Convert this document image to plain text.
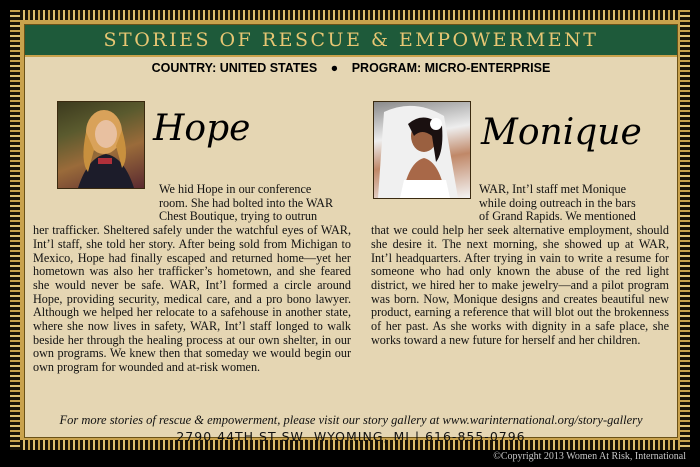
STORIES OF RESCUE & EMPOWERMENT
COUNTRY: UNITED STATES ● PROGRAM: MICRO-ENTERPRISE
Hope	Monique

We hid Hope in our conference
room. She had bolted into the WAR
Chest Boutique, trying to outrun
her trafficker. Sheltered safely under the watchful eyes of WAR, Int’l staff, she told her story. After being sold from Michigan to Mexico, Hope had finally escaped and returned home—yet her hometown was also her trafficker’s hometown, and she feared she would never be safe. WAR, Int’l formed a circle around Hope, providing security, medical care, and a pro bono lawyer. Although we helped her relocate to a safehouse in another state, where she now lives in safety, WAR, Int’l staff longed to walk beside her through the healing process at our own shelter, in our own programs. We knew then that someday we would begin our own program for wounded and at-risk women.

WAR, Int’l staff met Monique
while doing outreach in the bars
of Grand Rapids. We mentioned
that we could help her seek alternative employment, should she desire it. The next morning, she showed up at WAR, Int’l headquarters. After trying in vain to write a resume for someone who had only known the abuse of the red light district, we hired her to make jewelry—and a pilot program was born. Now, Monique designs and creates beautiful new product, earning a reference that will blot out the brokenness of her past. As she works with dignity in a safe place, she works toward a new future for herself and her children.

For more stories of rescue & empowerment, please visit our story gallery at www.warinternational.org/story-gallery
2790 44TH ST SW, WYOMING, MI | 616-855-0796
©Copyright 2013 Women At Risk, International
